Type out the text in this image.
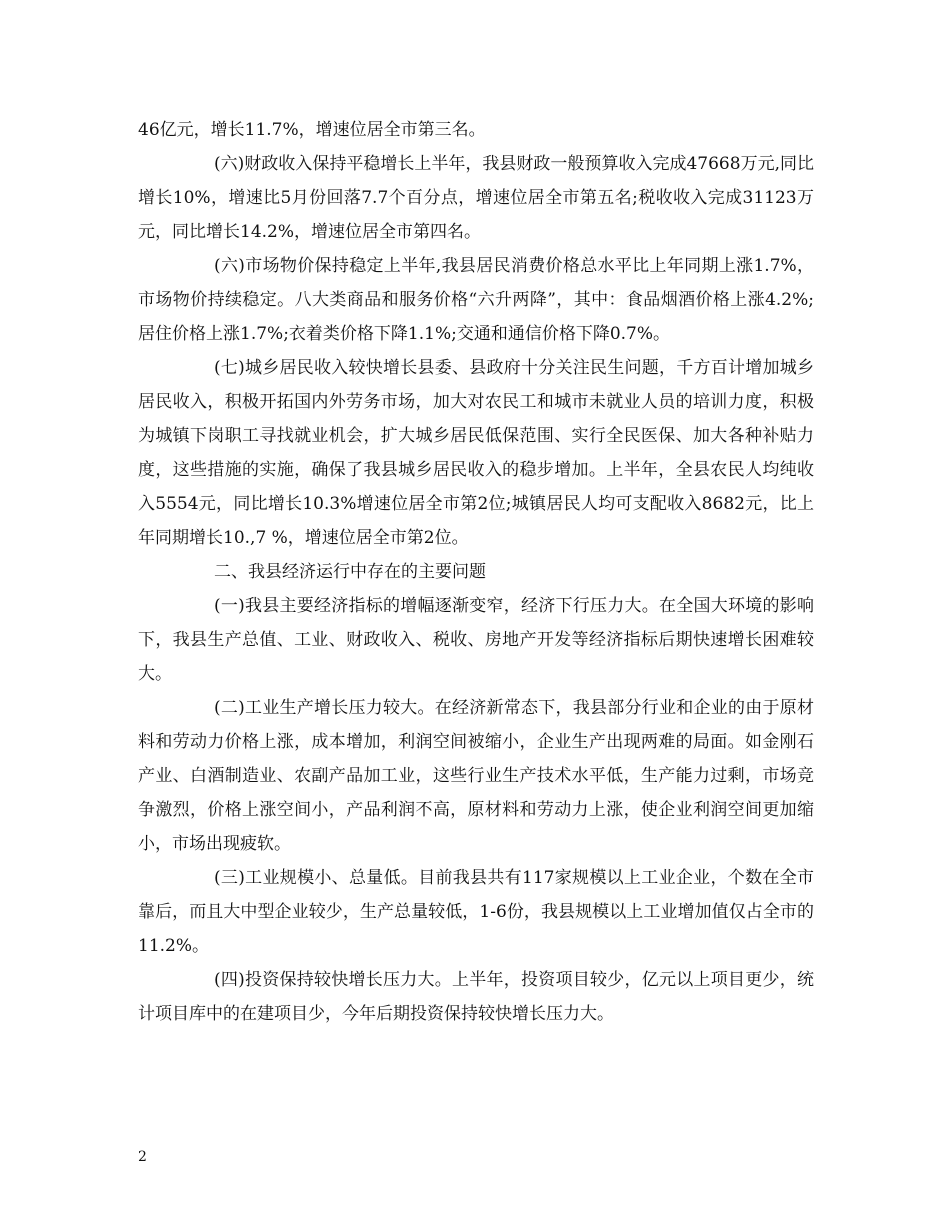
46亿元，增长11.7%，增速位居全市第三名。

(六)财政收入保持平稳增长上半年，我县财政一般预算收入完成47668万元,同比增长10%，增速比5月份回落7.7个百分点，增速位居全市第五名;税收收入完成31123万元，同比增长14.2%，增速位居全市第四名。

(六)市场物价保持稳定上半年,我县居民消费价格总水平比上年同期上涨1.7%，市场物价持续稳定。八大类商品和服务价格“六升两降”，其中：食品烟酒价格上涨4.2%;居住价格上涨1.7%;衣着类价格下降1.1%;交通和通信价格下降0.7%。

(七)城乡居民收入较快增长县委、县政府十分关注民生问题，千方百计增加城乡居民收入，积极开拓国内外劳务市场，加大对农民工和城市未就业人员的培训力度，积极为城镇下岗职工寻找就业机会，扩大城乡居民低保范围、实行全民医保、加大各种补贴力度，这些措施的实施，确保了我县城乡居民收入的稳步增加。上半年，全县农民人均纯收入5554元，同比增长10.3%增速位居全市第2位;城镇居民人均可支配收入8682元，比上年同期增长10.,7 %，增速位居全市第2位。

二、我县经济运行中存在的主要问题

(一)我县主要经济指标的增幅逐渐变窄，经济下行压力大。在全国大环境的影响下，我县生产总值、工业、财政收入、税收、房地产开发等经济指标后期快速增长困难较大。

(二)工业生产增长压力较大。在经济新常态下，我县部分行业和企业的由于原材料和劳动力价格上涨，成本增加，利润空间被缩小，企业生产出现两难的局面。如金刚石产业、白酒制造业、农副产品加工业，这些行业生产技术水平低，生产能力过剩，市场竞争激烈，价格上涨空间小，产品利润不高，原材料和劳动力上涨，使企业利润空间更加缩小，市场出现疲软。

(三)工业规模小、总量低。目前我县共有117家规模以上工业企业，个数在全市靠后，而且大中型企业较少，生产总量较低，1-6份，我县规模以上工业增加值仅占全市的11.2%。

(四)投资保持较快增长压力大。上半年，投资项目较少，亿元以上项目更少，统计项目库中的在建项目少，今年后期投资保持较快增长压力大。

2
